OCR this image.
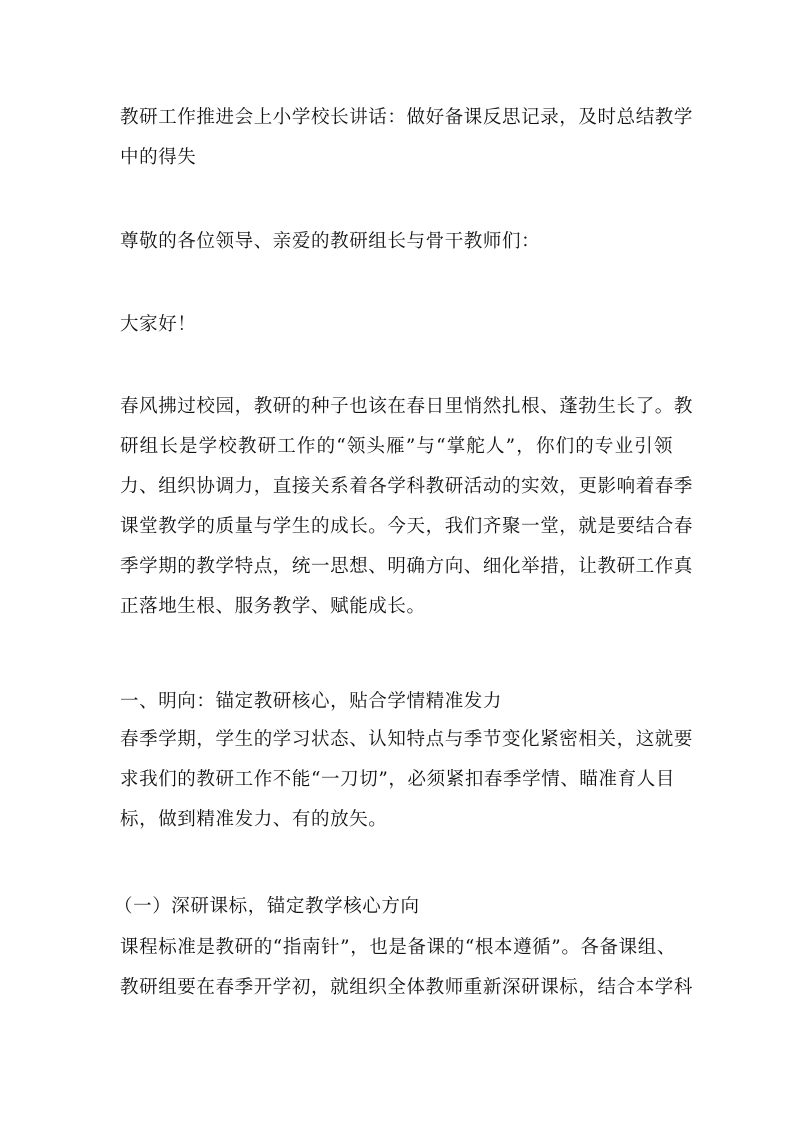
教研工作推进会上小学校长讲话：做好备课反思记录，及时总结教学
中的得失
尊敬的各位领导、亲爱的教研组长与骨干教师们：
大家好！
春风拂过校园，教研的种子也该在春日里悄然扎根、蓬勃生长了。教
研组长是学校教研工作的“领头雁”与“掌舵人”，你们的专业引领
力、组织协调力，直接关系着各学科教研活动的实效，更影响着春季
课堂教学的质量与学生的成长。今天，我们齐聚一堂，就是要结合春
季学期的教学特点，统一思想、明确方向、细化举措，让教研工作真
正落地生根、服务教学、赋能成长。
一、明向：锚定教研核心，贴合学情精准发力
春季学期，学生的学习状态、认知特点与季节变化紧密相关，这就要
求我们的教研工作不能“一刀切”，必须紧扣春季学情、瞄准育人目
标，做到精准发力、有的放矢。
（一）深研课标，锚定教学核心方向
课程标准是教研的“指南针”，也是备课的“根本遵循”。各备课组、
教研组要在春季开学初，就组织全体教师重新深研课标，结合本学科
